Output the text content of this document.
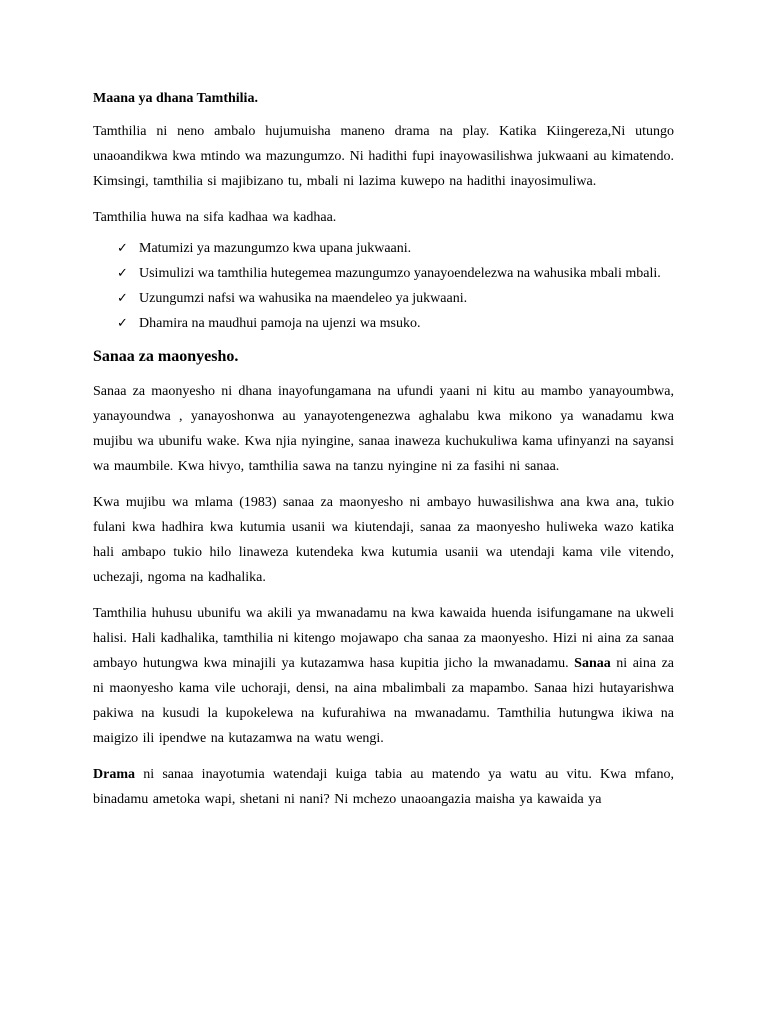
Maana ya dhana Tamthilia.

Tamthilia ni neno ambalo hujumuisha maneno drama na play. Katika Kiingereza,Ni utungo unaoandikwa kwa mtindo wa mazungumzo. Ni hadithi fupi inayowasilishwa jukwaani au kimatendo. Kimsingi, tamthilia si majibizano tu, mbali ni lazima kuwepo na hadithi inayosimuliwa.

Tamthilia huwa na sifa kadhaa wa kadhaa.

✓ Matumizi ya mazungumzo kwa upana jukwaani.
✓ Usimulizi wa tamthilia hutegemea mazungumzo yanayoendelezwa na wahusika mbali mbali.
✓ Uzungumzi nafsi wa wahusika na maendeleo ya jukwaani.
✓ Dhamira na maudhui pamoja na ujenzi wa msuko.
Sanaa za maonyesho.

Sanaa za maonyesho ni dhana inayofungamana na ufundi yaani ni kitu au mambo yanayoumbwa, yanayoundwa , yanayoshonwa au yanayotengenezwa aghalabu kwa mikono ya wanadamu kwa mujibu wa ubunifu wake. Kwa njia nyingine, sanaa inaweza kuchukuliwa kama ufinyanzi na sayansi wa maumbile. Kwa hivyo, tamthilia sawa na tanzu nyingine ni za fasihi ni sanaa.

Kwa mujibu wa mlama (1983) sanaa za maonyesho ni ambayo huwasilishwa ana kwa ana, tukio fulani kwa hadhira kwa kutumia usanii wa kiutendaji, sanaa za maonyesho huliweka wazo katika hali ambapo tukio hilo linaweza kutendeka kwa kutumia usanii wa utendaji kama vile vitendo, uchezaji, ngoma na kadhalika.

Tamthilia huhusu ubunifu wa akili ya mwanadamu na kwa kawaida huenda isifungamane na ukweli halisi. Hali kadhalika, tamthilia ni kitengo mojawapo cha sanaa za maonyesho. Hizi ni aina za sanaa ambayo hutungwa kwa minajili ya kutazamwa hasa kupitia jicho la mwanadamu. Sanaa ni aina za ni maonyesho kama vile uchoraji, densi, na aina mbalimbali za mapambo. Sanaa hizi hutayarishwa pakiwa na kusudi la kupokelewa na kufurahiwa na mwanadamu. Tamthilia hutungwa ikiwa na maigizo ili ipendwe na kutazamwa na watu wengi.

Drama ni sanaa inayotumia watendaji kuiga tabia au matendo ya watu au vitu. Kwa mfano, binadamu ametoka wapi, shetani ni nani? Ni mchezo unaoangazia maisha ya kawaida ya
